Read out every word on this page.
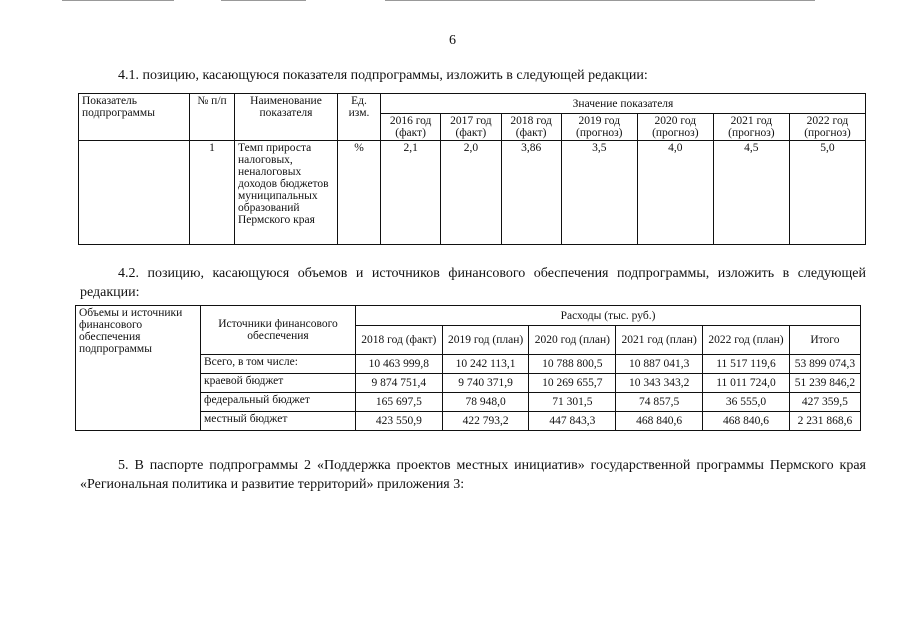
6
4.1. позицию, касающуюся показателя подпрограммы, изложить в следующей редакции:
Показатель подпрограммы	№ п/п	Наименование показателя	Ед. изм.	Значение показателя						
				2016 год (факт)	2017 год (факт)	2018 год (факт)	2019 год (прогноз)	2020 год (прогноз)	2021 год (прогноз)	2022 год (прогноз)
	1	Темп прироста налоговых, неналоговых доходов бюджетов муниципальных образований Пермского края	%	2,1	2,0	3,86	3,5	4,0	4,5	5,0
4.2. позицию, касающуюся объемов и источников финансового обеспечения подпрограммы, изложить в следующей редакции:
Объемы и источники финансового обеспечения подпрограммы	Источники финансового обеспечения	Расходы (тыс. руб.)					
		2018 год (факт)	2019 год (план)	2020 год (план)	2021 год (план)	2022 год (план)	Итого
	Всего, в том числе:	10 463 999,8	10 242 113,1	10 788 800,5	10 887 041,3	11 517 119,6	53 899 074,3
	краевой бюджет	9 874 751,4	9 740 371,9	10 269 655,7	10 343 343,2	11 011 724,0	51 239 846,2
	федеральный бюджет	165 697,5	78 948,0	71 301,5	74 857,5	36 555,0	427 359,5
	местный бюджет	423 550,9	422 793,2	447 843,3	468 840,6	468 840,6	2 231 868,6
5. В паспорте подпрограммы 2 «Поддержка проектов местных инициатив» государственной программы Пермского края «Региональная политика и развитие территорий» приложения 3:
